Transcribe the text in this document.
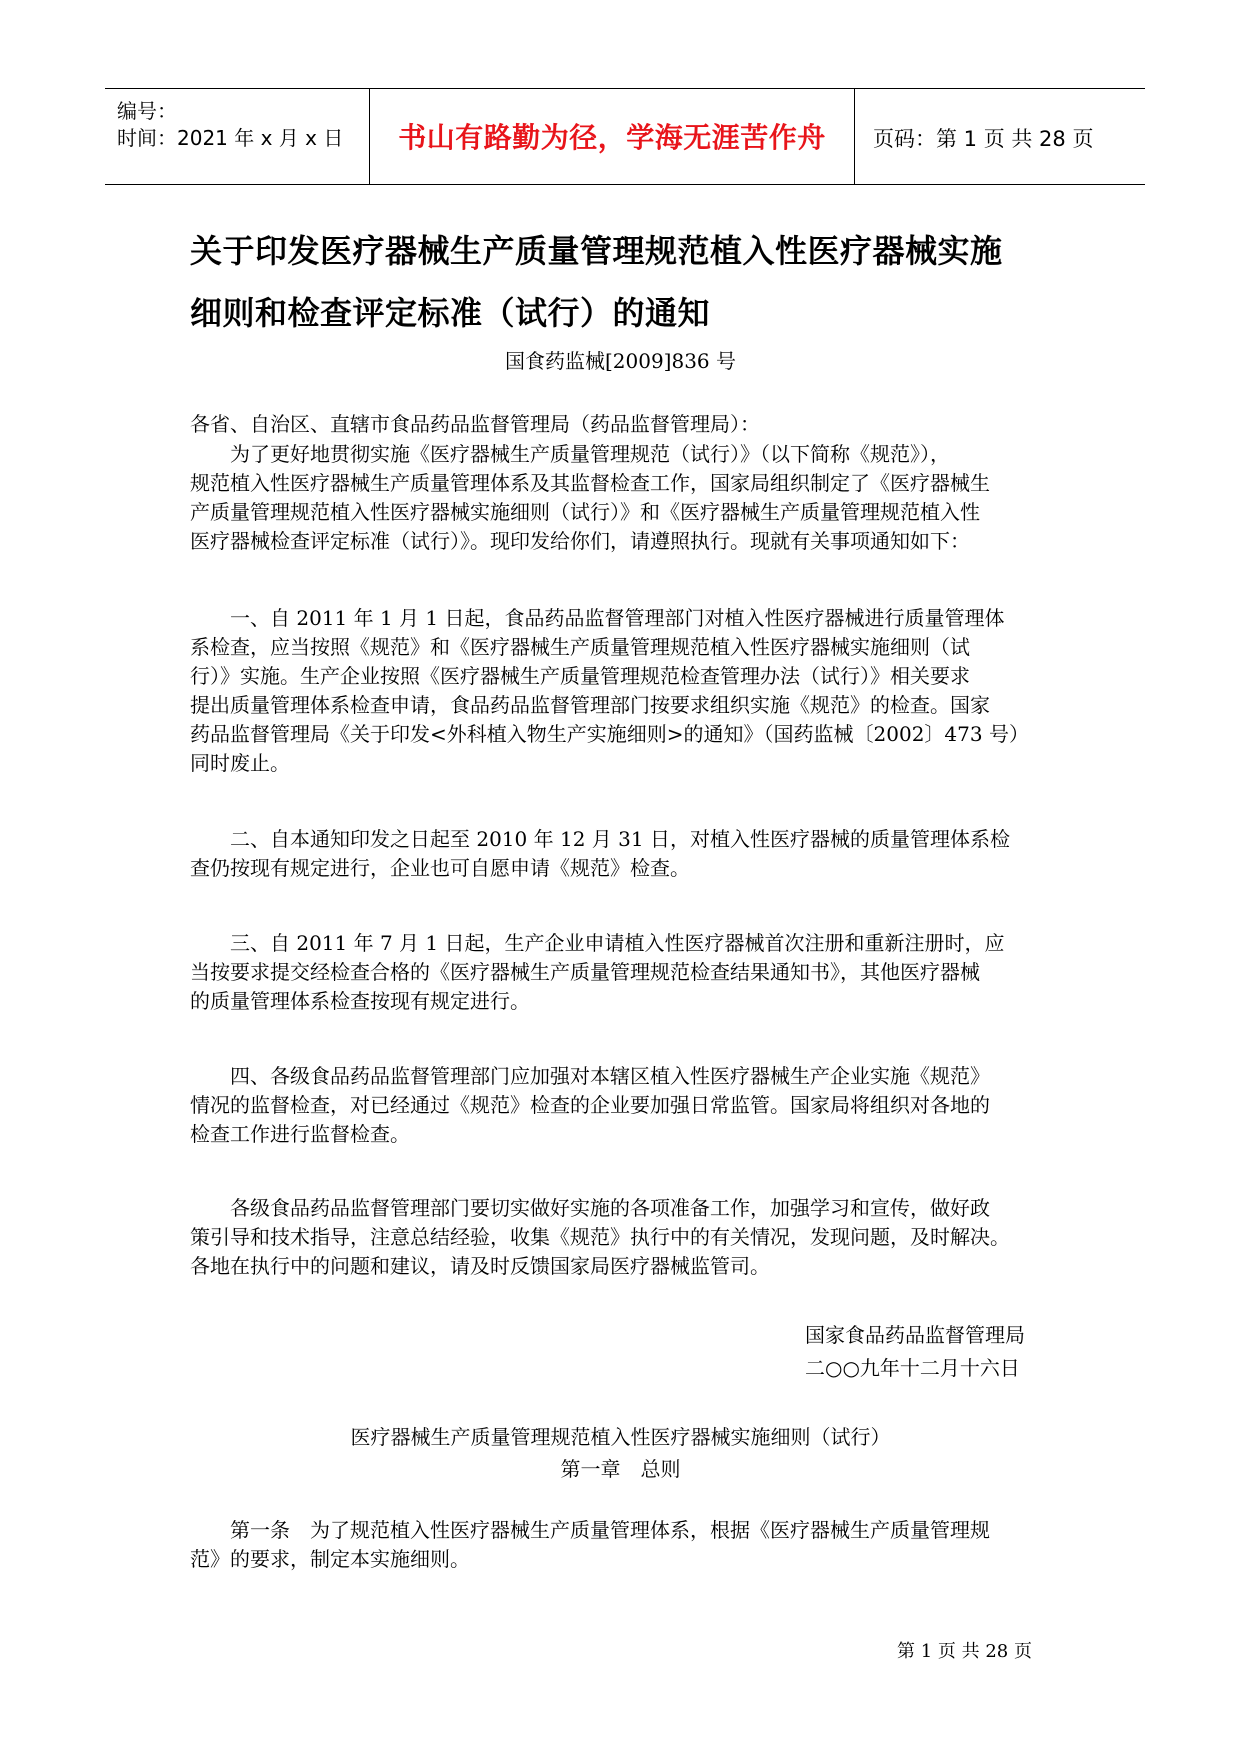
编号：
时间：2021 年 x 月 x 日	书山有路勤为径，学海无涯苦作舟	页码：第 1 页 共 28 页
关于印发医疗器械生产质量管理规范植入性医疗器械实施
细则和检查评定标准（试行）的通知
国食药监械[2009]836 号
各省、自治区、直辖市食品药品监督管理局（药品监督管理局）：
　　为了更好地贯彻实施《医疗器械生产质量管理规范（试行）》（以下简称《规范》），
规范植入性医疗器械生产质量管理体系及其监督检查工作，国家局组织制定了《医疗器械生
产质量管理规范植入性医疗器械实施细则（试行）》和《医疗器械生产质量管理规范植入性
医疗器械检查评定标准（试行）》。现印发给你们，请遵照执行。现就有关事项通知如下：
　　一、自 2011 年 1 月 1 日起，食品药品监督管理部门对植入性医疗器械进行质量管理体
系检查，应当按照《规范》和《医疗器械生产质量管理规范植入性医疗器械实施细则（试
行）》实施。生产企业按照《医疗器械生产质量管理规范检查管理办法（试行）》相关要求
提出质量管理体系检查申请，食品药品监督管理部门按要求组织实施《规范》的检查。国家
药品监督管理局《关于印发<外科植入物生产实施细则>的通知》（国药监械〔2002〕473 号）
同时废止。
　　二、自本通知印发之日起至 2010 年 12 月 31 日，对植入性医疗器械的质量管理体系检
查仍按现有规定进行，企业也可自愿申请《规范》检查。
　　三、自 2011 年 7 月 1 日起，生产企业申请植入性医疗器械首次注册和重新注册时，应
当按要求提交经检查合格的《医疗器械生产质量管理规范检查结果通知书》，其他医疗器械
的质量管理体系检查按现有规定进行。
　　四、各级食品药品监督管理部门应加强对本辖区植入性医疗器械生产企业实施《规范》
情况的监督检查，对已经通过《规范》检查的企业要加强日常监管。国家局将组织对各地的
检查工作进行监督检查。
　　各级食品药品监督管理部门要切实做好实施的各项准备工作，加强学习和宣传，做好政
策引导和技术指导，注意总结经验，收集《规范》执行中的有关情况，发现问题，及时解决。
各地在执行中的问题和建议，请及时反馈国家局医疗器械监管司。
国家食品药品监督管理局
二○○九年十二月十六日
医疗器械生产质量管理规范植入性医疗器械实施细则（试行）
第一章　总则
　　第一条　为了规范植入性医疗器械生产质量管理体系，根据《医疗器械生产质量管理规
范》的要求，制定本实施细则。
第 1 页 共 28 页
